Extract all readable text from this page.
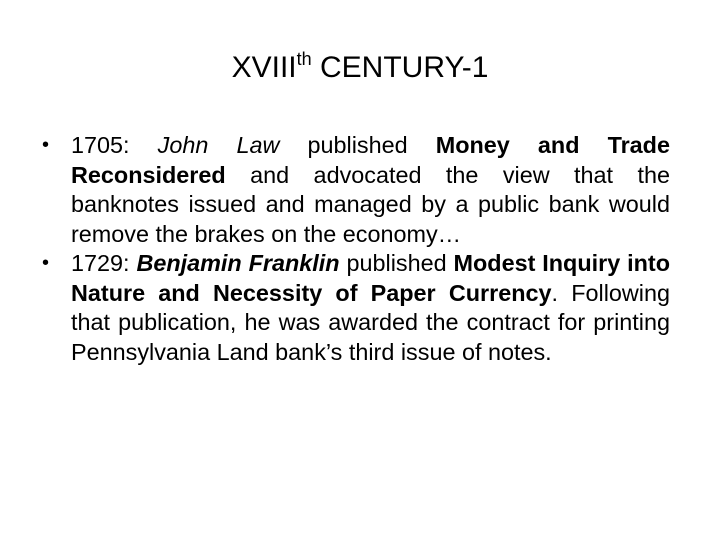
XVIIIth CENTURY-1
• 1705: John Law published Money and Trade Reconsidered and advocated the view that the banknotes issued and managed by a public bank would remove the brakes on the economy…
• 1729: Benjamin Franklin published Modest Inquiry into Nature and Necessity of Paper Currency. Following that publication, he was awarded the contract for printing Pennsylvania Land bank’s third issue of notes.
